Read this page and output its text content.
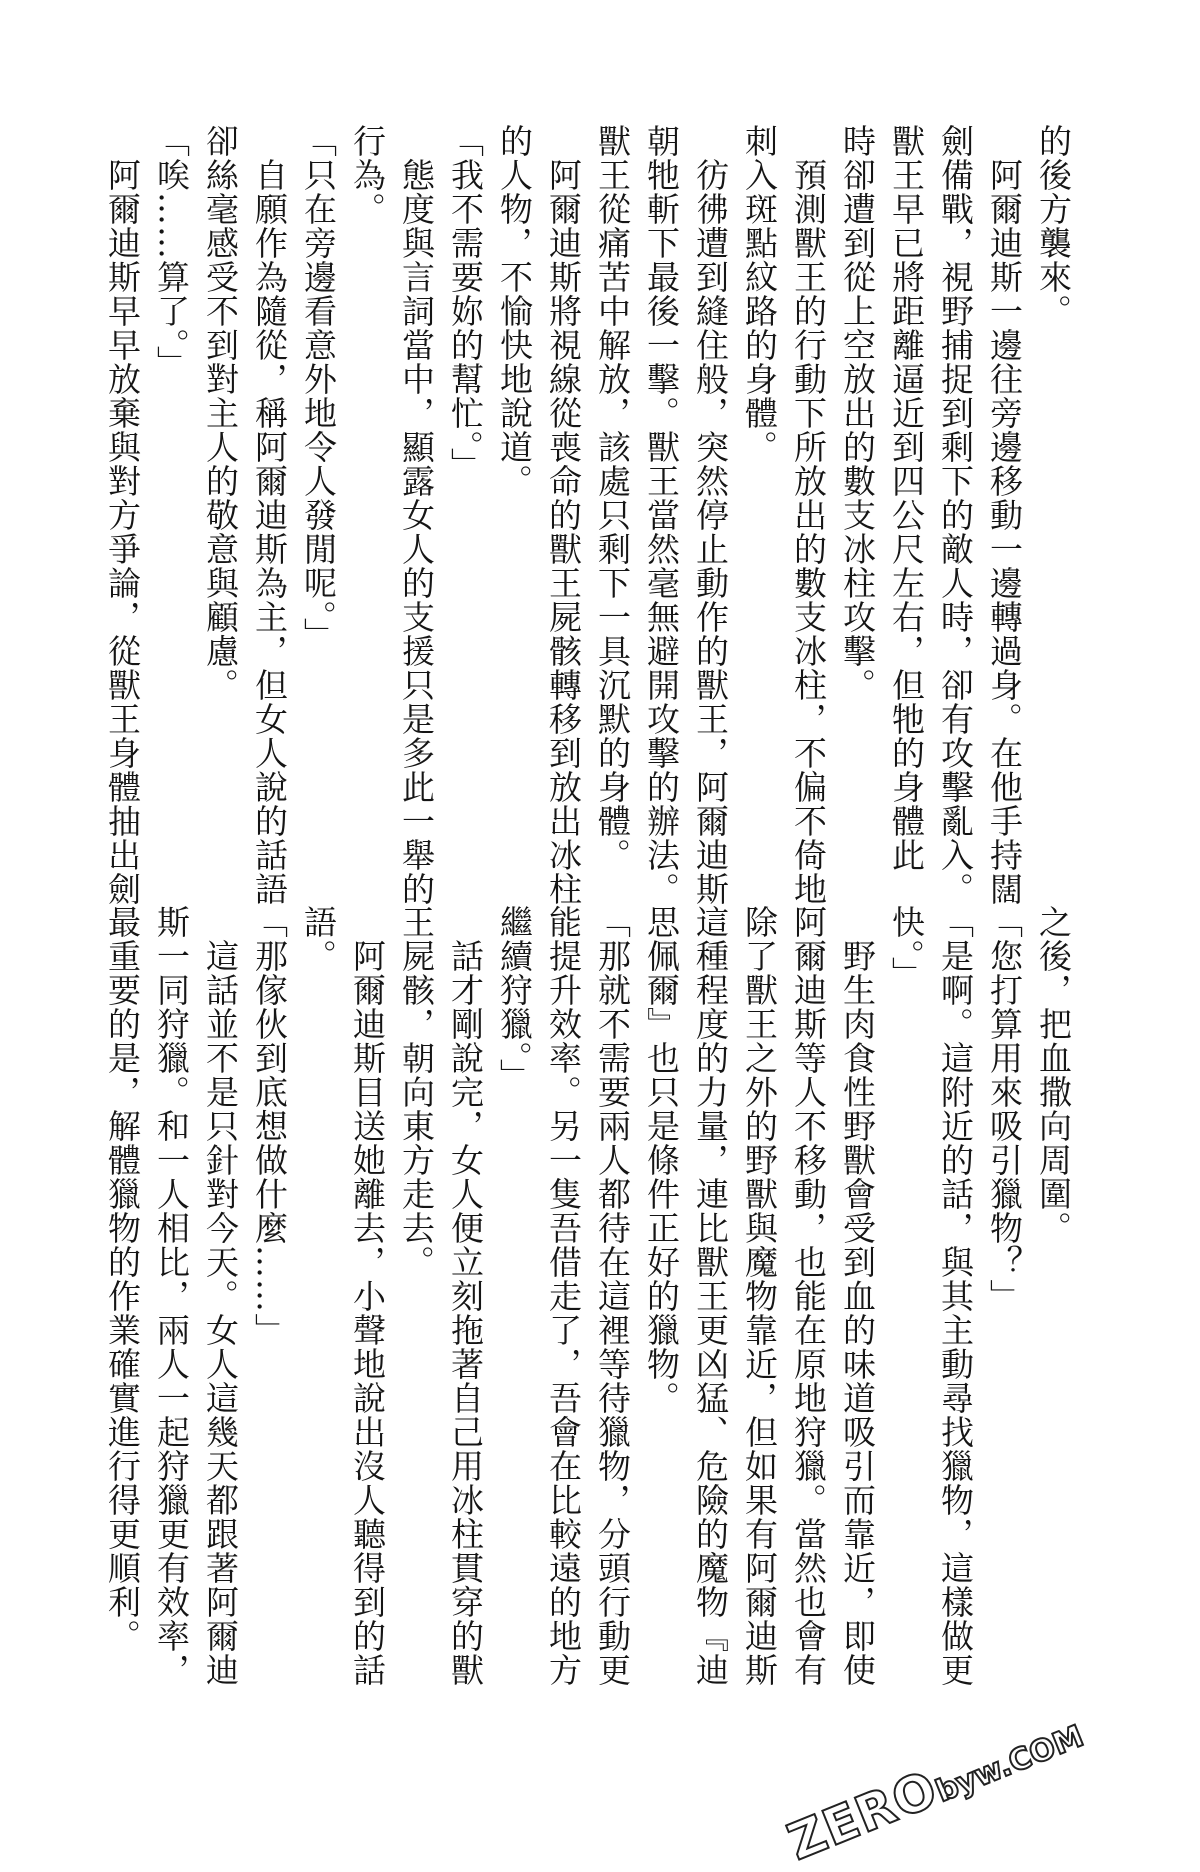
的後方襲來。
　阿爾迪斯一邊往旁邊移動一邊轉過身。在他手持闊
劍備戰，視野捕捉到剩下的敵人時，卻有攻擊亂入。
獸王早已將距離逼近到四公尺左右，但牠的身體此
時卻遭到從上空放出的數支冰柱攻擊。
　預測獸王的行動下所放出的數支冰柱，不偏不倚地
刺入斑點紋路的身體。
　彷彿遭到縫住般，突然停止動作的獸王，阿爾迪斯
朝牠斬下最後一擊。獸王當然毫無避開攻擊的辦法。
獸王從痛苦中解放，該處只剩下一具沉默的身體。
　阿爾迪斯將視線從喪命的獸王屍骸轉移到放出冰柱
的人物，不愉快地說道。
「我不需要妳的幫忙。」
　態度與言詞當中，顯露女人的支援只是多此一舉的
行為。
「只在旁邊看意外地令人發閒呢。」
　自願作為隨從，稱阿爾迪斯為主，但女人說的話語
卻絲毫感受不到對主人的敬意與顧慮。
「唉……算了。」
　阿爾迪斯早早放棄與對方爭論，從獸王身體抽出劍
之後，把血撒向周圍。
「您打算用來吸引獵物？」
「是啊。這附近的話，與其主動尋找獵物，這樣做更
快。」
　野生肉食性野獸會受到血的味道吸引而靠近，即使
阿爾迪斯等人不移動，也能在原地狩獵。當然也會有
除了獸王之外的野獸與魔物靠近，但如果有阿爾迪斯
這種程度的力量，連比獸王更凶猛、危險的魔物『迪
思佩爾』也只是條件正好的獵物。
「那就不需要兩人都待在這裡等待獵物，分頭行動更
能提升效率。另一隻吾借走了，吾會在比較遠的地方
繼續狩獵。」
　話才剛說完，女人便立刻拖著自己用冰柱貫穿的獸
王屍骸，朝向東方走去。
　阿爾迪斯目送她離去，小聲地說出沒人聽得到的話
語。
「那傢伙到底想做什麼……」
　這話並不是只針對今天。女人這幾天都跟著阿爾迪
斯一同狩獵。和一人相比，兩人一起狩獵更有效率，
最重要的是，解體獵物的作業確實進行得更順利。
ZERObyw.COM
